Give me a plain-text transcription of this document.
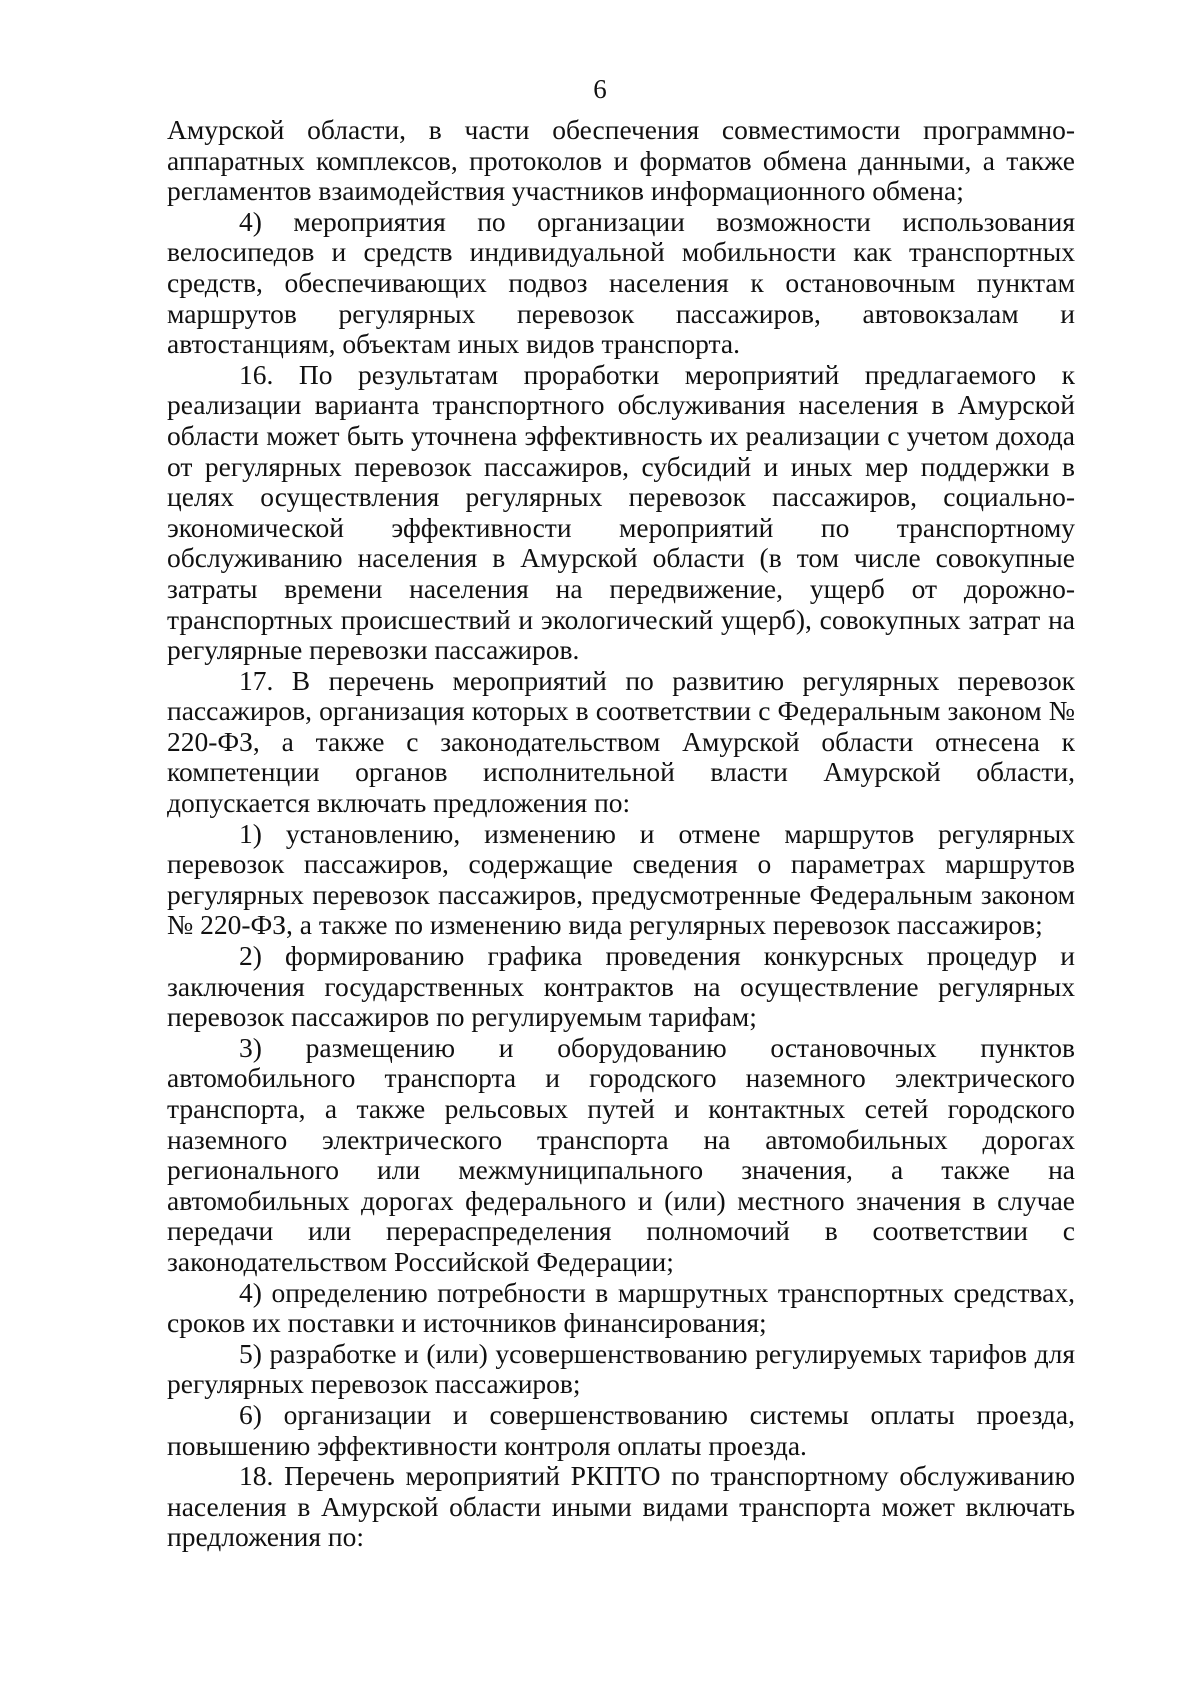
6

Амурской области, в части обеспечения совместимости программно-аппаратных комплексов, протоколов и форматов обмена данными, а также регламентов взаимодействия участников информационного обмена;

4) мероприятия по организации возможности использования велосипедов и средств индивидуальной мобильности как транспортных средств, обеспечивающих подвоз населения к остановочным пунктам маршрутов регулярных перевозок пассажиров, автовокзалам и автостанциям, объектам иных видов транспорта.

16. По результатам проработки мероприятий предлагаемого к реализации варианта транспортного обслуживания населения в Амурской области может быть уточнена эффективность их реализации с учетом дохода от регулярных перевозок пассажиров, субсидий и иных мер поддержки в целях осуществления регулярных перевозок пассажиров, социально-экономической эффективности мероприятий по транспортному обслуживанию населения в Амурской области (в том числе совокупные затраты времени населения на передвижение, ущерб от дорожно-транспортных происшествий и экологический ущерб), совокупных затрат на регулярные перевозки пассажиров.

17. В перечень мероприятий по развитию регулярных перевозок пассажиров, организация которых в соответствии с Федеральным законом № 220-ФЗ, а также с законодательством Амурской области отнесена к компетенции органов исполнительной власти Амурской области, допускается включать предложения по:

1) установлению, изменению и отмене маршрутов регулярных перевозок пассажиров, содержащие сведения о параметрах маршрутов регулярных перевозок пассажиров, предусмотренные Федеральным законом № 220-ФЗ, а также по изменению вида регулярных перевозок пассажиров;

2) формированию графика проведения конкурсных процедур и заключения государственных контрактов на осуществление регулярных перевозок пассажиров по регулируемым тарифам;

3) размещению и оборудованию остановочных пунктов автомобильного транспорта и городского наземного электрического транспорта, а также рельсовых путей и контактных сетей городского наземного электрического транспорта на автомобильных дорогах регионального или межмуниципального значения, а также на автомобильных дорогах федерального и (или) местного значения в случае передачи или перераспределения полномочий в соответствии с законодательством Российской Федерации;

4) определению потребности в маршрутных транспортных средствах, сроков их поставки и источников финансирования;

5) разработке и (или) усовершенствованию регулируемых тарифов для регулярных перевозок пассажиров;

6) организации и совершенствованию системы оплаты проезда, повышению эффективности контроля оплаты проезда.

18. Перечень мероприятий РКПТО по транспортному обслуживанию населения в Амурской области иными видами транспорта может включать предложения по:
